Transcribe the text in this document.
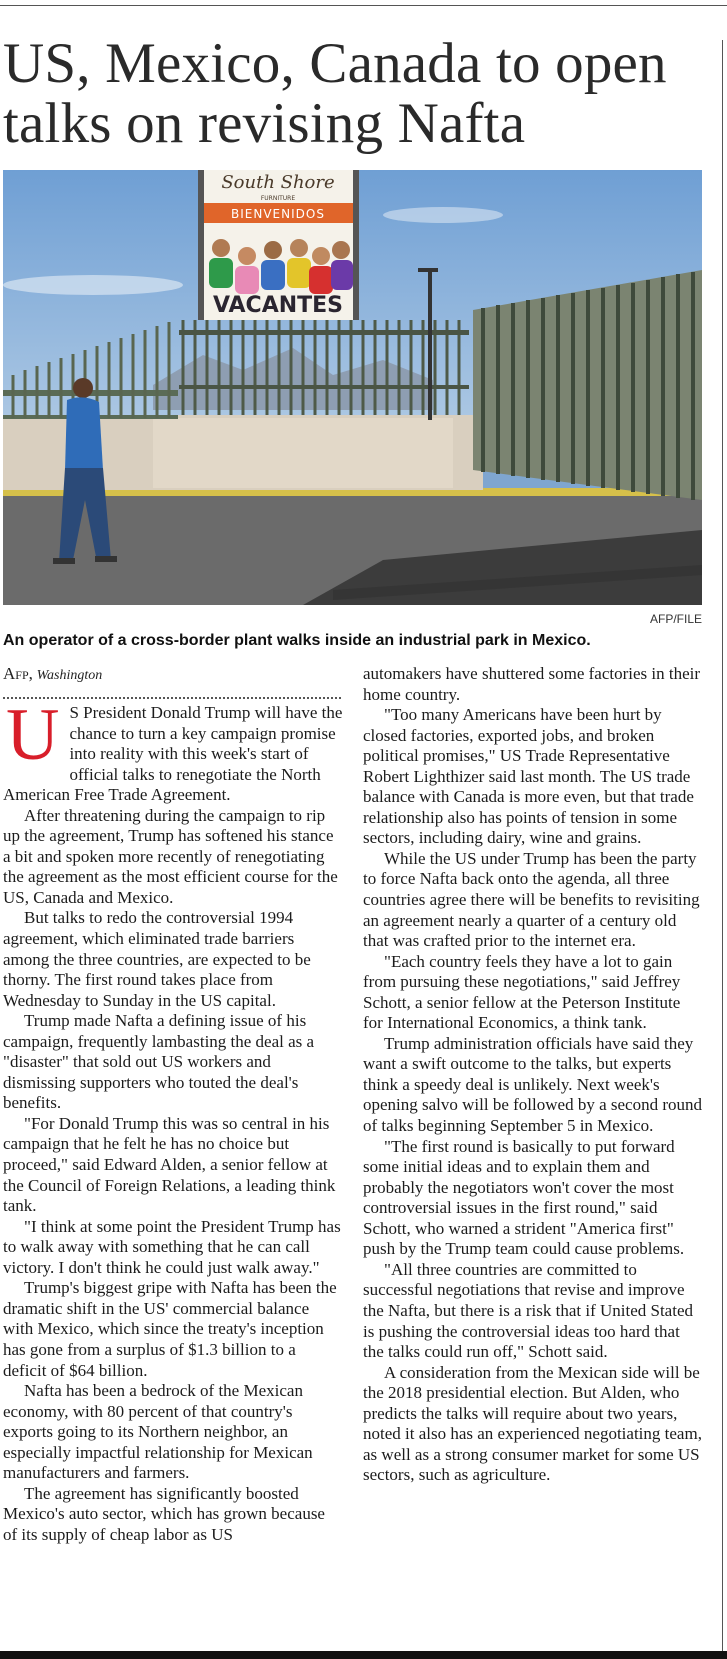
US, Mexico, Canada to open talks on revising Nafta
South Shore
FURNITURE
BIENVENIDOS
VACANTES
AFP/FILE

An operator of a cross-border plant walks inside an industrial park in Mexico.

Afp, Washington

U S President Donald Trump will have the chance to turn a key campaign promise into reality with this week's start of official talks to renegotiate the North American Free Trade Agreement.

After threatening during the campaign to rip up the agreement, Trump has softened his stance a bit and spoken more recently of renegotiating the agreement as the most efficient course for the US, Canada and Mexico.

But talks to redo the controversial 1994 agreement, which eliminated trade barriers among the three countries, are expected to be thorny. The first round takes place from Wednesday to Sunday in the US capital.

Trump made Nafta a defining issue of his campaign, frequently lambasting the deal as a "disaster" that sold out US workers and dismissing supporters who touted the deal's benefits.

"For Donald Trump this was so central in his campaign that he felt he has no choice but proceed," said Edward Alden, a senior fellow at the Council of Foreign Relations, a leading think tank.

"I think at some point the President Trump has to walk away with something that he can call victory. I don't think he could just walk away."

Trump's biggest gripe with Nafta has been the dramatic shift in the US' commercial balance with Mexico, which since the treaty's inception has gone from a surplus of $1.3 billion to a deficit of $64 billion.

Nafta has been a bedrock of the Mexican economy, with 80 percent of that country's exports going to its Northern neighbor, an especially impactful relationship for Mexican manufacturers and farmers.

The agreement has significantly boosted Mexico's auto sector, which has grown because of its supply of cheap labor as US

automakers have shuttered some factories in their home country.

"Too many Americans have been hurt by closed factories, exported jobs, and broken political promises," US Trade Representative Robert Lighthizer said last month. The US trade balance with Canada is more even, but that trade relationship also has points of tension in some sectors, including dairy, wine and grains.

While the US under Trump has been the party to force Nafta back onto the agenda, all three countries agree there will be benefits to revisiting an agreement nearly a quarter of a century old that was crafted prior to the internet era.

"Each country feels they have a lot to gain from pursuing these negotiations," said Jeffrey Schott, a senior fellow at the Peterson Institute for International Economics, a think tank.

Trump administration officials have said they want a swift outcome to the talks, but experts think a speedy deal is unlikely. Next week's opening salvo will be followed by a second round of talks beginning September 5 in Mexico.

"The first round is basically to put forward some initial ideas and to explain them and probably the negotiators won't cover the most controversial issues in the first round," said Schott, who warned a strident "America first" push by the Trump team could cause problems.

"All three countries are committed to successful negotiations that revise and improve the Nafta, but there is a risk that if United Stated is pushing the controversial ideas too hard that the talks could run off," Schott said.

A consideration from the Mexican side will be the 2018 presidential election. But Alden, who predicts the talks will require about two years, noted it also has an experienced negotiating team, as well as a strong consumer market for some US sectors, such as agriculture.
